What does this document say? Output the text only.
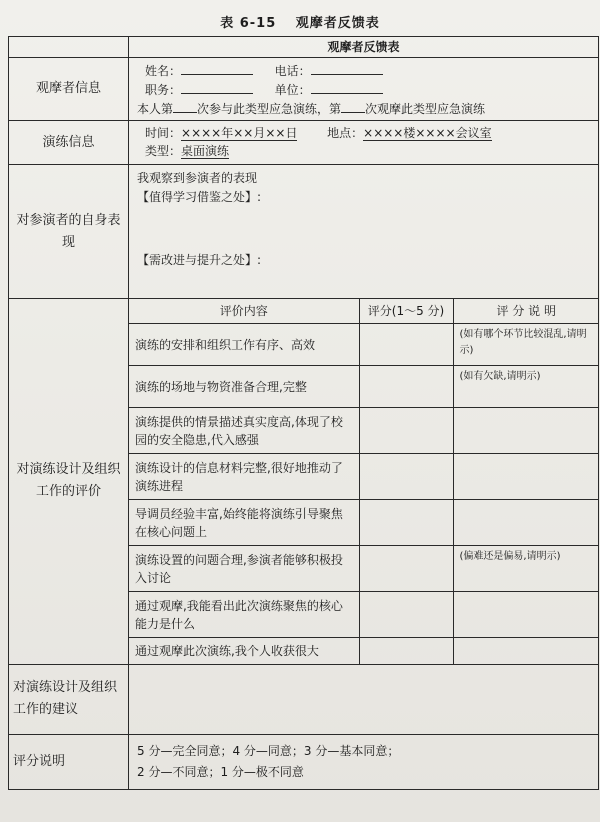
表 6-15 观摩者反馈表
	观摩者反馈表
观摩者信息	
姓名：	电话：
职务：	单位：
本人第 次参与此类型应急演练，第 次观摩此类型应急演练

演练信息	
时间：××××年××月××日 地点：××××楼××××会议室
类型：桌面演练

对参演者的自身表现	
我观察到参演者的表现
【值得学习借鉴之处】:
【需改进与提升之处】:

对演练设计及组织工作的评价	
评价内容	评分(1～5 分)	评 分 说 明
演练的安排和组织工作有序、高效		(如有哪个环节比较混乱,请明示)
演练的场地与物资准备合理,完整		(如有欠缺,请明示)
演练提供的情景描述真实度高,体现了校园的安全隐患,代入感强		
演练设计的信息材料完整,很好地推动了演练进程		
导调员经验丰富,始终能将演练引导聚焦在核心问题上		
演练设置的问题合理,参演者能够积极投入讨论		(偏难还是偏易,请明示)
通过观摩,我能看出此次演练聚焦的核心能力是什么		
通过观摩此次演练,我个人收获很大		

对演练设计及组织工作的建议	
评分说明	
5 分—完全同意；4 分—同意；3 分—基本同意；
2 分—不同意；1 分—极不同意
